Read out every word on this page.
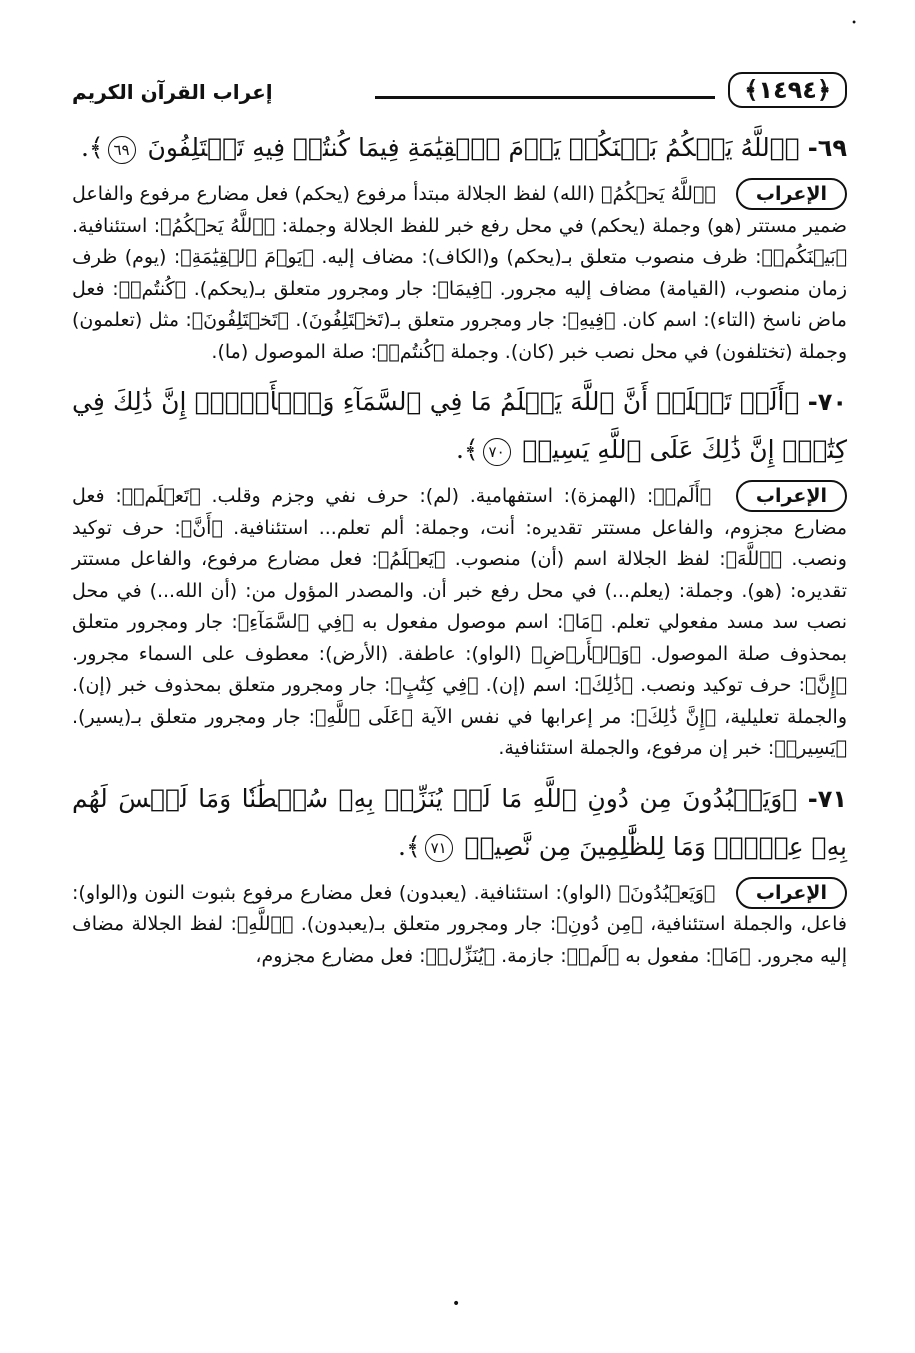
•
﴿١٤٩٤﴾
إعراب القرآن الكريم
٦٩- ﴿ٱللَّهُ يَحۡكُمُ بَيۡنَكُمۡ يَوۡمَ ٱلۡقِيَٰمَةِ فِيمَا كُنتُمۡ فِيهِ تَخۡتَلِفُونَ ٦٩﴾.
الإعراب ﴿ٱللَّهُ يَحۡكُمُ﴾ (الله) لفظ الجلالة مبتدأ مرفوع (يحكم) فعل مضارع مرفوع والفاعل ضمير مستتر (هو) وجملة (يحكم) في محل رفع خبر للفظ الجلالة وجملة: ﴿ٱللَّهُ يَحۡكُمُ﴾: استئنافية. ﴿بَيۡنَكُمۡ﴾: ظرف منصوب متعلق بـ(يحكم) و(الكاف): مضاف إليه. ﴿يَوۡمَ ٱلۡقِيَٰمَةِ﴾: (يوم) ظرف زمان منصوب، (القيامة) مضاف إليه مجرور. ﴿فِيمَا﴾: جار ومجرور متعلق بـ(يحكم). ﴿كُنتُمۡ﴾: فعل ماض ناسخ (التاء): اسم كان. ﴿فِيهِ﴾: جار ومجرور متعلق بـ(تَخۡتَلِفُونَ). ﴿تَخۡتَلِفُونَ﴾: مثل (تعلمون) وجملة (تختلفون) في محل نصب خبر (كان). وجملة ﴿كُنتُمۡ﴾: صلة الموصول (ما).
٧٠- ﴿أَلَمۡ تَعۡلَمۡ أَنَّ ٱللَّهَ يَعۡلَمُ مَا فِي ٱلسَّمَآءِ وَٱلۡأَرۡضِۚ إِنَّ ذَٰلِكَ فِي كِتَٰبٍۚ إِنَّ ذَٰلِكَ عَلَى ٱللَّهِ يَسِيرٞ ٧٠﴾.
الإعراب ﴿أَلَمۡ﴾: (الهمزة): استفهامية. (لم): حرف نفي وجزم وقلب. ﴿تَعۡلَمۡ﴾: فعل مضارع مجزوم، والفاعل مستتر تقديره: أنت، وجملة: ألم تعلم... استئنافية. ﴿أَنَّ﴾: حرف توكيد ونصب. ﴿ٱللَّهَ﴾: لفظ الجلالة اسم (أن) منصوب. ﴿يَعۡلَمُ﴾: فعل مضارع مرفوع، والفاعل مستتر تقديره: (هو). وجملة: (يعلم...) في محل رفع خبر أن. والمصدر المؤول من: (أن الله...) في محل نصب سد مسد مفعولي تعلم. ﴿مَا﴾: اسم موصول مفعول به ﴿فِي ٱلسَّمَآءِ﴾: جار ومجرور متعلق بمحذوف صلة الموصول. ﴿وَٱلۡأَرۡضِ﴾ (الواو): عاطفة. (الأرض): معطوف على السماء مجرور. ﴿إِنَّ﴾: حرف توكيد ونصب. ﴿ذَٰلِكَ﴾: اسم (إن). ﴿فِي كِتَٰبٍ﴾: جار ومجرور متعلق بمحذوف خبر (إن). والجملة تعليلية، ﴿إِنَّ ذَٰلِكَ﴾: مر إعرابها في نفس الآية ﴿عَلَى ٱللَّهِ﴾: جار ومجرور متعلق بـ(يسير). ﴿يَسِيرٞ﴾: خبر إن مرفوع، والجملة استئنافية.
٧١- ﴿وَيَعۡبُدُونَ مِن دُونِ ٱللَّهِ مَا لَمۡ يُنَزِّلۡ بِهِۦ سُلۡطَٰنٗا وَمَا لَيۡسَ لَهُم بِهِۦ عِلۡمٞۗ وَمَا لِلظَّٰلِمِينَ مِن نَّصِيرٖ ٧١﴾.
الإعراب ﴿وَيَعۡبُدُونَ﴾ (الواو): استئنافية. (يعبدون) فعل مضارع مرفوع بثبوت النون و(الواو): فاعل، والجملة استئنافية، ﴿مِن دُونِ﴾: جار ومجرور متعلق بـ(يعبدون). ﴿ٱللَّهِ﴾: لفظ الجلالة مضاف إليه مجرور. ﴿مَا﴾: مفعول به ﴿لَمۡ﴾: جازمة. ﴿يُنَزِّلۡ﴾: فعل مضارع مجزوم،
•
